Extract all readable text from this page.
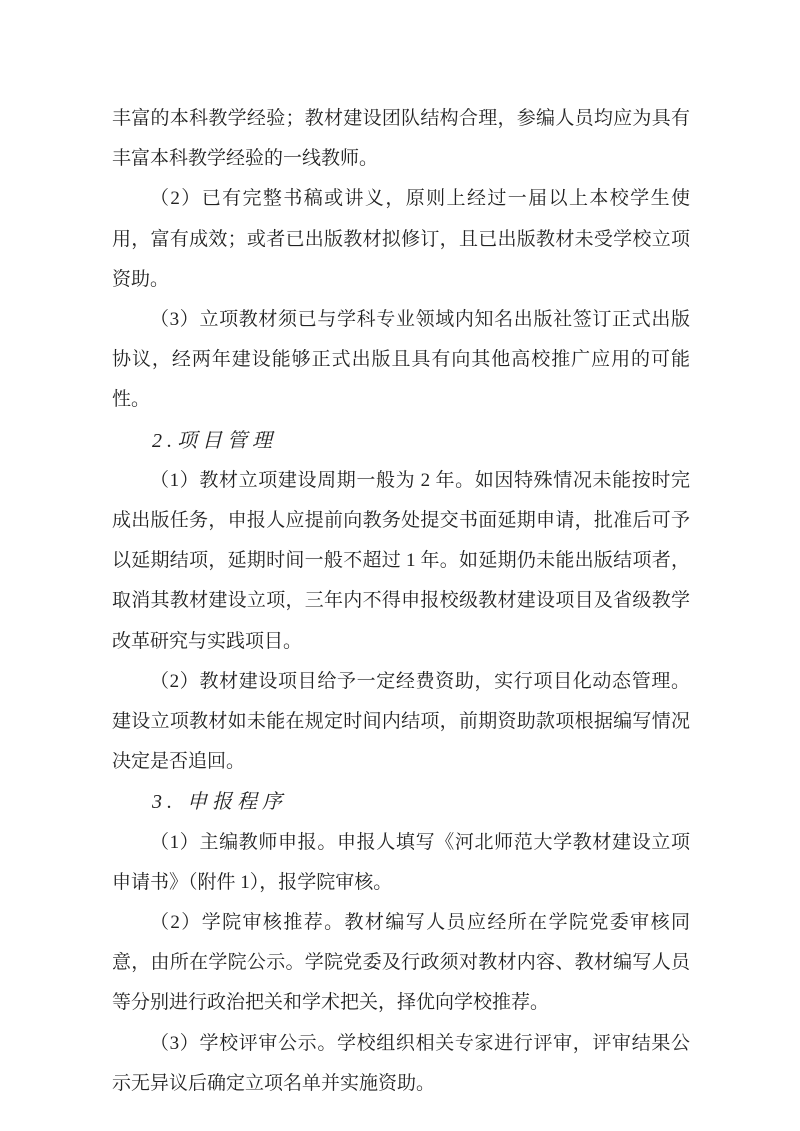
丰富的本科教学经验；教材建设团队结构合理，参编人员均应为具有丰富本科教学经验的一线教师。

（2）已有完整书稿或讲义，原则上经过一届以上本校学生使用，富有成效；或者已出版教材拟修订，且已出版教材未受学校立项资助。

（3）立项教材须已与学科专业领域内知名出版社签订正式出版协议，经两年建设能够正式出版且具有向其他高校推广应用的可能性。

2.项目管理

（1）教材立项建设周期一般为 2 年。如因特殊情况未能按时完成出版任务，申报人应提前向教务处提交书面延期申请，批准后可予以延期结项，延期时间一般不超过 1 年。如延期仍未能出版结项者，取消其教材建设立项，三年内不得申报校级教材建设项目及省级教学改革研究与实践项目。

（2）教材建设项目给予一定经费资助，实行项目化动态管理。建设立项教材如未能在规定时间内结项，前期资助款项根据编写情况决定是否追回。

3. 申报程序

（1）主编教师申报。申报人填写《河北师范大学教材建设立项申请书》（附件 1），报学院审核。

（2）学院审核推荐。教材编写人员应经所在学院党委审核同意，由所在学院公示。学院党委及行政须对教材内容、教材编写人员等分别进行政治把关和学术把关，择优向学校推荐。

（3）学校评审公示。学校组织相关专家进行评审，评审结果公示无异议后确定立项名单并实施资助。
